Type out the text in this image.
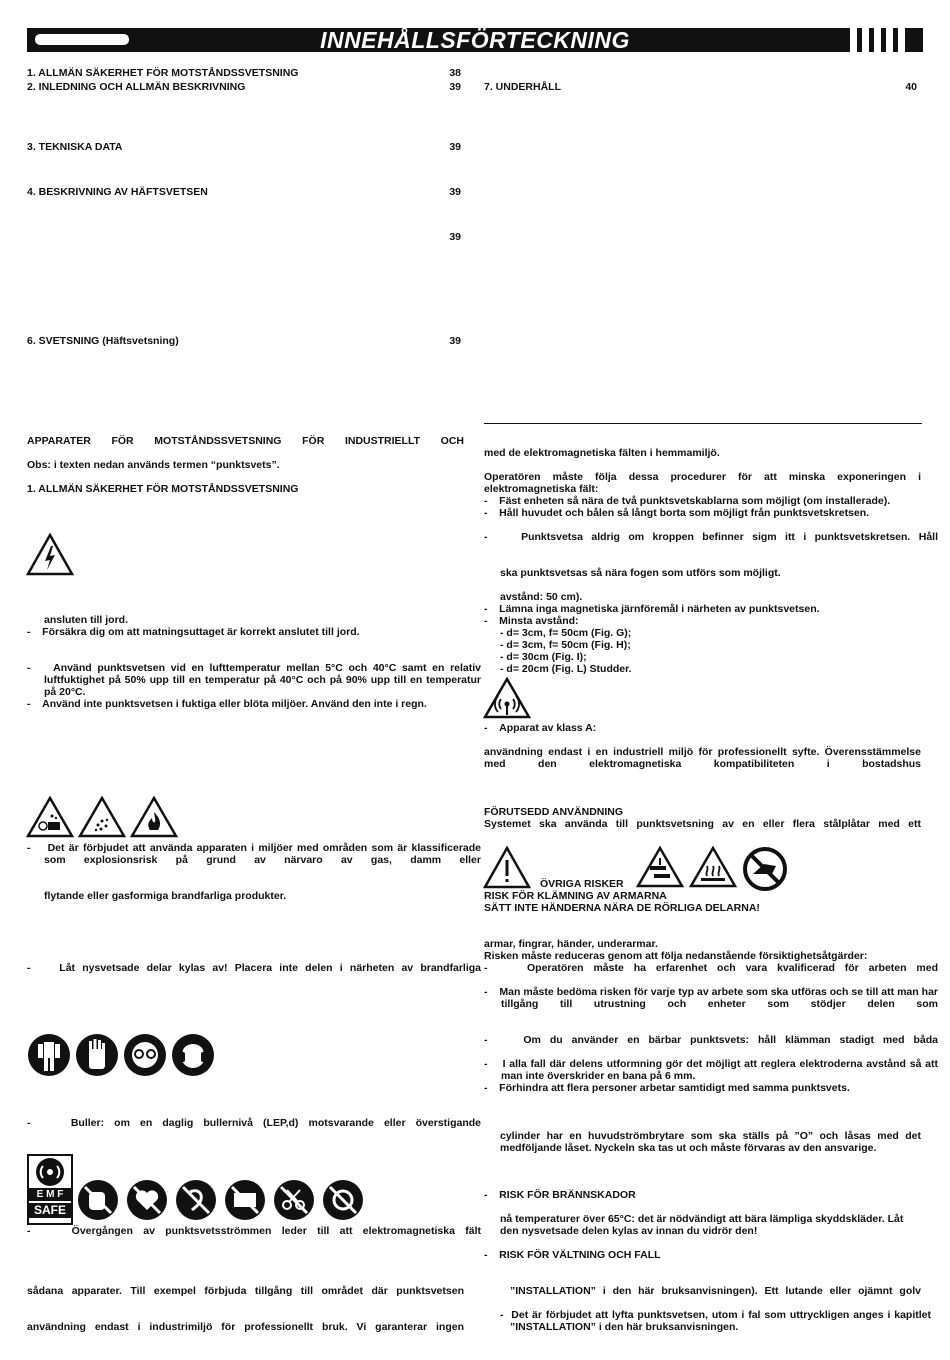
INNEHÅLLSFÖRTECKNING
1. ALLMÄN SÄKERHET FÖR MOTSTÅNDSSVETSNING	38
2. INLEDNING OCH ALLMÄN BESKRIVNING	39
3. TEKNISKA DATA	39
4. BESKRIVNING AV HÄFTSVETSEN	39
39
6. SVETSNING (Häftsvetsning)	39
7. UNDERHÅLL	40
APPARATER FÖR MOTSTÅNDSSVETSNING FÖR INDUSTRIELLT OCH
Obs: i texten nedan används termen “punktsvets”.
1. ALLMÄN SÄKERHET FÖR MOTSTÅNDSSVETSNING
ansluten till jord.
-    Försäkra dig om att matningsuttaget är korrekt anslutet till jord.
-    Använd punktsvetsen vid en lufttemperatur mellan 5°C och 40°C samt en relativ luftfuktighet på 50% upp till en temperatur på 40°C och på 90% upp till en temperatur på 20°C.
-    Använd inte punktsvetsen i fuktiga eller blöta miljöer. Använd den inte i regn.
-    Det är förbjudet att använda apparaten i miljöer med områden som är klassificerade som explosionsrisk på grund av närvaro av gas, damm eller
flytande eller gasformiga brandfarliga produkter.
-    Låt nysvetsade delar kylas av! Placera inte delen i närheten av brandfarliga
-    Buller: om en daglig bullernivå (LEP,d) motsvarande eller överstigande
E M F
SAFE
-    Övergången av punktsvetsströmmen leder till att elektromagnetiska fält
sådana apparater. Till exempel förbjuda tillgång till området där punktsvetsen
användning endast i industrimiljö för professionellt bruk. Vi garanterar ingen
med de elektromagnetiska fälten i hemmamiljö.
Operatören måste följa dessa procedurer för att minska exponeringen i elektromagnetiska fält:
-    Fäst enheten så nära de två punktsvetskablarna som möjligt (om installerade).
-    Håll huvudet och bålen så långt borta som möjligt från punktsvetskretsen.
-    Punktsvetsa aldrig om kroppen befinner sigm itt i punktsvetskretsen. Håll
ska punktsvetsas så nära fogen som utförs som möjligt.
avstånd: 50 cm).
-    Lämna inga magnetiska järnföremål i närheten av punktsvetsen.
-    Minsta avstånd:
- d= 3cm, f= 50cm (Fig. G);
- d= 3cm, f= 50cm (Fig. H);
- d= 30cm (Fig. I);
- d= 20cm (Fig. L) Studder.
-    Apparat av klass A:
användning endast i en industriell miljö för professionellt syfte. Överensstämmelse med den elektromagnetiska kompatibiliteten i bostadshus
FÖRUTSEDD ANVÄNDNING
Systemet ska använda till punktsvetsning av en eller flera stålplåtar med ett
ÖVRIGA RISKER
RISK FÖR KLÄMNING AV ARMARNA
SÄTT INTE HÄNDERNA NÄRA DE RÖRLIGA DELARNA!
armar, fingrar, händer, underarmar.
Risken måste reduceras genom att följa nedanstående försiktighetsåtgärder:
-    Operatören måste ha erfarenhet och vara kvalificerad för arbeten med
-    Man måste bedöma risken för varje typ av arbete som ska utföras och se till att man har tillgång till utrustning och enheter som stödjer delen som
-    Om du använder en bärbar punktsvets: håll klämman stadigt med båda
-    I alla fall där delens utformning gör det möjligt att reglera elektroderna avstånd så att man inte överskrider en bana på 6 mm.
-    Förhindra att flera personer arbetar samtidigt med samma punktsvets.
cylinder har en huvudströmbrytare som ska ställs på ”O” och låsas med det medföljande låset. Nyckeln ska tas ut och måste förvaras av den ansvarige.
-    RISK FÖR BRÄNNSKADOR
nå temperaturer över 65°C: det är nödvändigt att bära lämpliga skyddskläder. Låt den nysvetsade delen kylas av innan du vidrör den!
-    RISK FÖR VÄLTNING OCH FALL
”INSTALLATION” i den här bruksanvisningen). Ett lutande eller ojämnt golv
-  Det är förbjudet att lyfta punktsvetsen, utom i fal som uttryckligen anges i kapitlet ”INSTALLATION” i den här bruksanvisningen.
